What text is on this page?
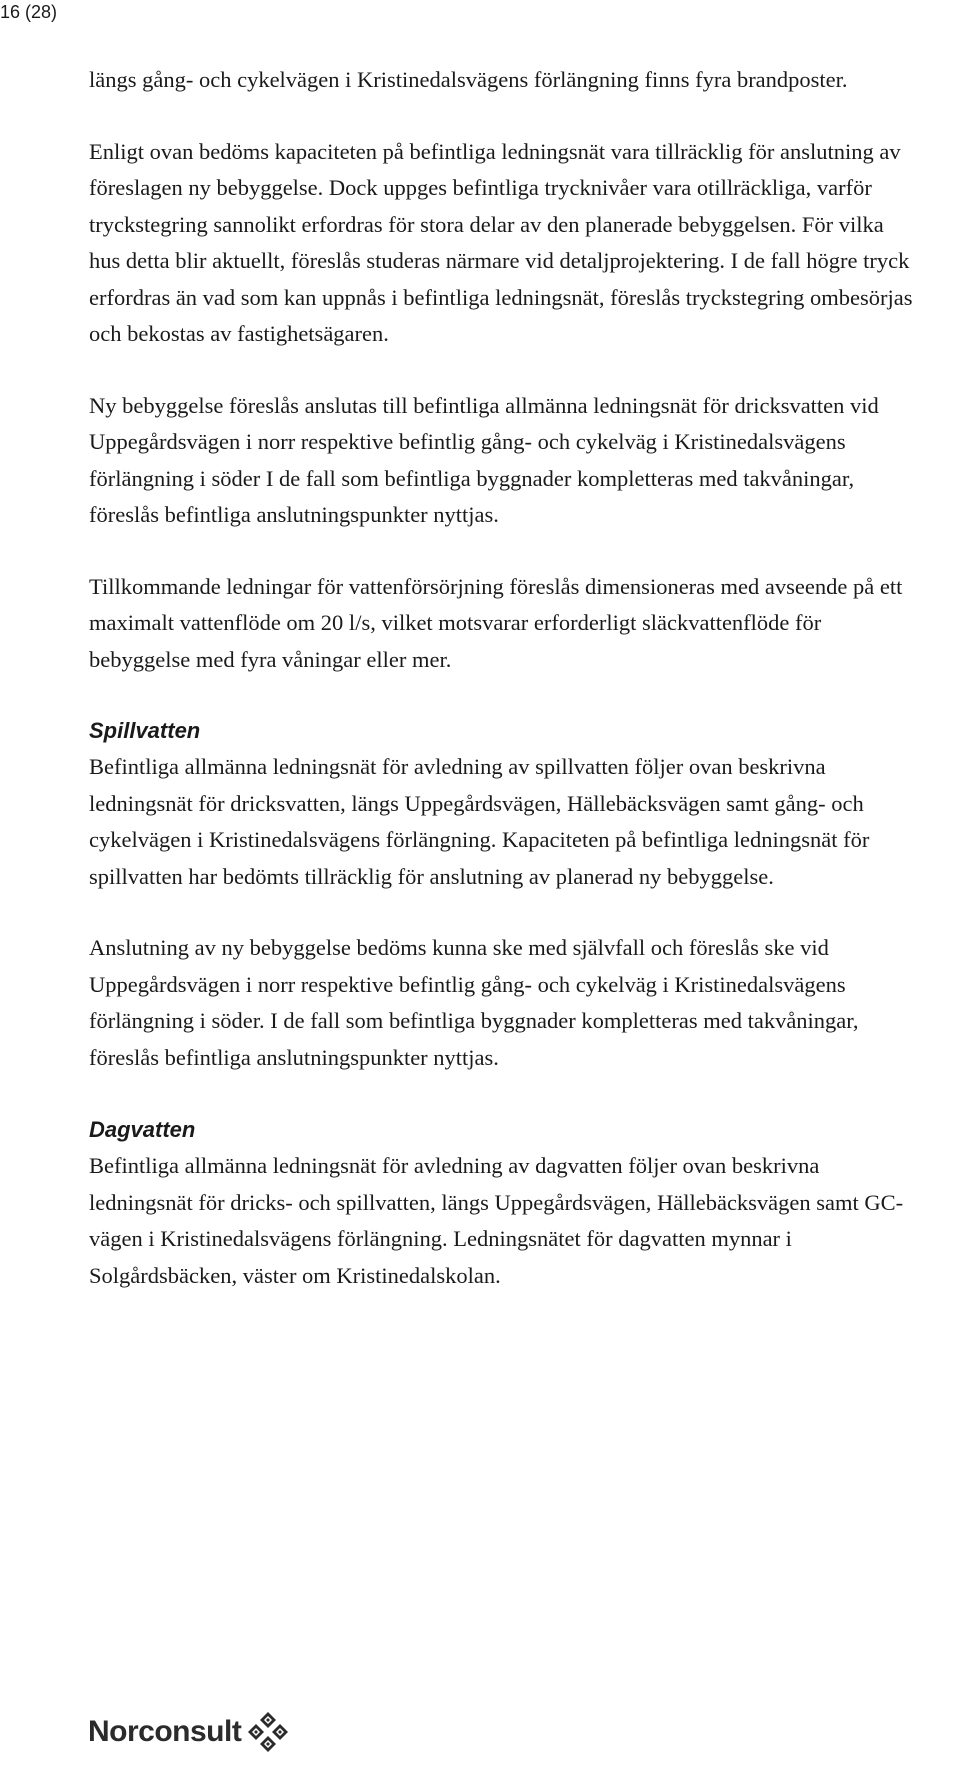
16 (28)

längs gång- och cykelvägen i Kristinedalsvägens förlängning finns fyra brandposter.

Enligt ovan bedöms kapaciteten på befintliga ledningsnät vara tillräcklig för anslutning av föreslagen ny bebyggelse. Dock uppges befintliga trycknivåer vara otillräckliga, varför tryckstegring sannolikt erfordras för stora delar av den planerade bebyggelsen. För vilka hus detta blir aktuellt, föreslås studeras närmare vid detaljprojektering. I de fall högre tryck erfordras än vad som kan uppnås i befintliga ledningsnät, föreslås tryckstegring ombesörjas och bekostas av fastighetsägaren.

Ny bebyggelse föreslås anslutas till befintliga allmänna ledningsnät för dricksvatten vid Uppegårdsvägen i norr respektive befintlig gång- och cykelväg i Kristinedalsvägens förlängning i söder I de fall som befintliga byggnader kompletteras med takvåningar, föreslås befintliga anslutningspunkter nyttjas.

Tillkommande ledningar för vattenförsörjning föreslås dimensioneras med avseende på ett maximalt vattenflöde om 20 l/s, vilket motsvarar erforderligt släckvattenflöde för bebyggelse med fyra våningar eller mer.

Spillvatten

Befintliga allmänna ledningsnät för avledning av spillvatten följer ovan beskrivna ledningsnät för dricksvatten, längs Uppegårdsvägen, Hällebäcksvägen samt gång- och cykelvägen i Kristinedalsvägens förlängning. Kapaciteten på befintliga ledningsnät för spillvatten har bedömts tillräcklig för anslutning av planerad ny bebyggelse.

Anslutning av ny bebyggelse bedöms kunna ske med självfall och föreslås ske vid Uppegårdsvägen i norr respektive befintlig gång- och cykelväg i Kristinedalsvägens förlängning i söder. I de fall som befintliga byggnader kompletteras med takvåningar, föreslås befintliga anslutningspunkter nyttjas.

Dagvatten

Befintliga allmänna ledningsnät för avledning av dagvatten följer ovan beskrivna ledningsnät för dricks- och spillvatten, längs Uppegårdsvägen, Hällebäcksvägen samt GC-vägen i Kristinedalsvägens förlängning. Ledningsnätet för dagvatten mynnar i Solgårdsbäcken, väster om Kristinedalskolan.

Norconsult
